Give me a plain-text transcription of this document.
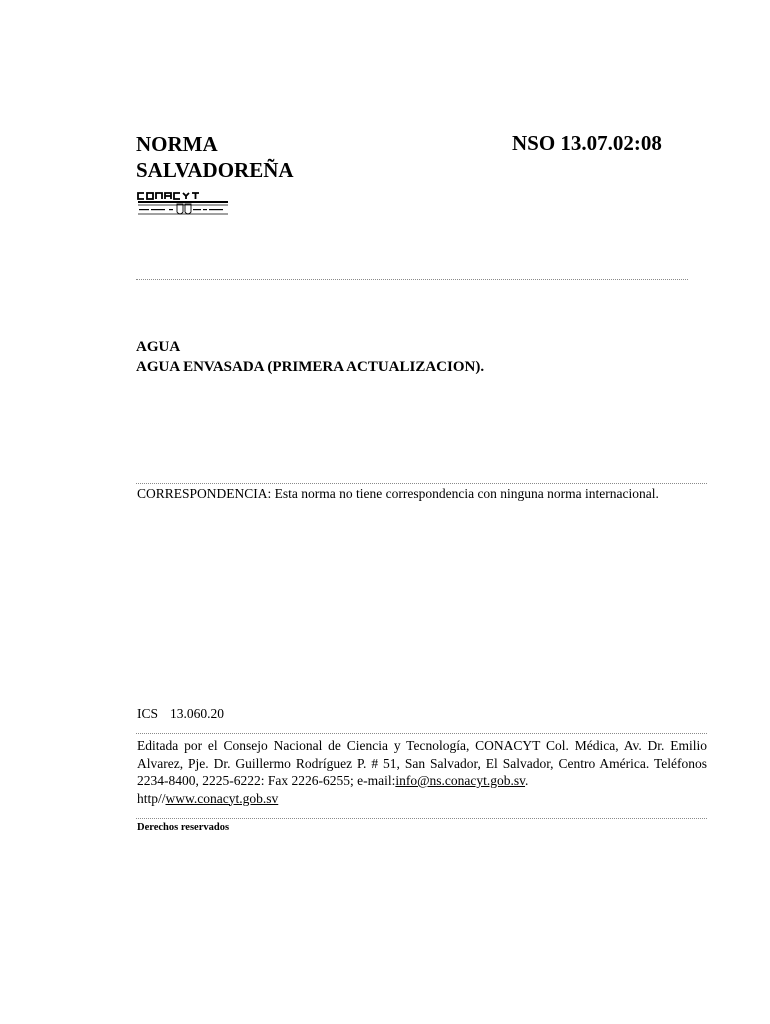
NORMA
SALVADOREÑA
NSO 13.07.02:08
AGUA
AGUA ENVASADA (PRIMERA ACTUALIZACION).
CORRESPONDENCIA: Esta norma no tiene correspondencia con ninguna norma internacional.
ICS 13.060.20
Editada por el Consejo Nacional de Ciencia y Tecnología, CONACYT Col. Médica, Av. Dr. Emilio Alvarez, Pje. Dr. Guillermo Rodríguez P. # 51, San Salvador, El Salvador, Centro América. Teléfonos 2234-8400, 2225-6222: Fax 2226-6255; e-mail:info@ns.conacyt.gob.sv.
http//www.conacyt.gob.sv
Derechos reservados
